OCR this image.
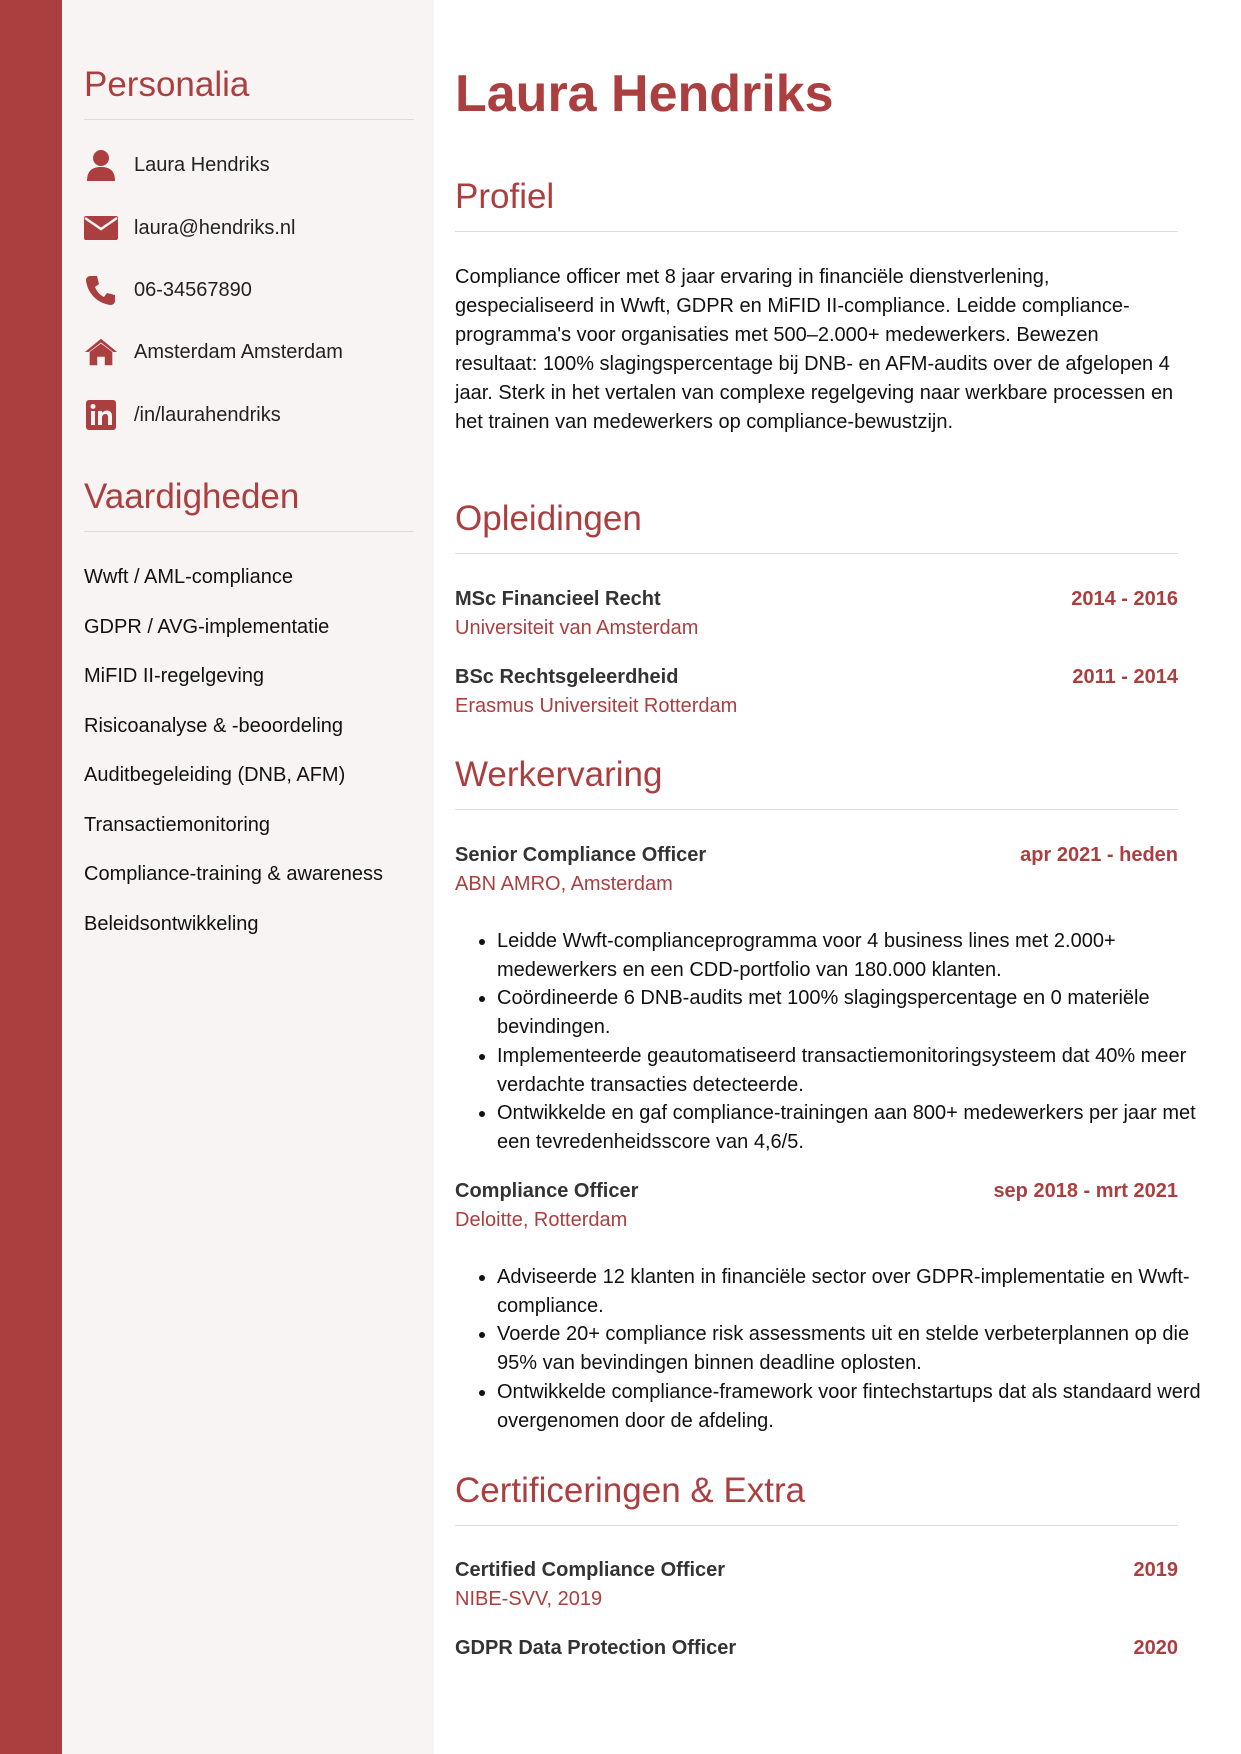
Personalia
Laura Hendriks
laura@hendriks.nl
06-34567890
Amsterdam Amsterdam
/in/laurahendriks
Vaardigheden
Wwft / AML-compliance
GDPR / AVG-implementatie
MiFID II-regelgeving
Risicoanalyse & -beoordeling
Auditbegeleiding (DNB, AFM)
Transactiemonitoring
Compliance-training & awareness
Beleidsontwikkeling
Laura Hendriks
Profiel

Compliance officer met 8 jaar ervaring in financiële dienstverlening, gespecialiseerd in Wwft, GDPR en MiFID II-compliance. Leidde compliance-programma's voor organisaties met 500–2.000+ medewerkers. Bewezen resultaat: 100% slagingspercentage bij DNB- en AFM-audits over de afgelopen 4 jaar. Sterk in het vertalen van complexe regelgeving naar werkbare processen en het trainen van medewerkers op compliance-bewustzijn.

Opleidingen
MSc Financieel Recht	2014 - 2016
Universiteit van Amsterdam
BSc Rechtsgeleerdheid	2011 - 2014
Erasmus Universiteit Rotterdam
Werkervaring
Senior Compliance Officer	apr 2021 - heden
ABN AMRO, Amsterdam
• Leidde Wwft-complianceprogramma voor 4 business lines met 2.000+ medewerkers en een CDD-portfolio van 180.000 klanten.
• Coördineerde 6 DNB-audits met 100% slagingspercentage en 0 materiële bevindingen.
• Implementeerde geautomatiseerd transactiemonitoringsysteem dat 40% meer verdachte transacties detecteerde.
• Ontwikkelde en gaf compliance-trainingen aan 800+ medewerkers per jaar met een tevredenheidsscore van 4,6/5.
Compliance Officer	sep 2018 - mrt 2021
Deloitte, Rotterdam
• Adviseerde 12 klanten in financiële sector over GDPR-implementatie en Wwft-compliance.
• Voerde 20+ compliance risk assessments uit en stelde verbeterplannen op die 95% van bevindingen binnen deadline oplosten.
• Ontwikkelde compliance-framework voor fintechstartups dat als standaard werd overgenomen door de afdeling.
Certificeringen & Extra
Certified Compliance Officer	2019
NIBE-SVV, 2019
GDPR Data Protection Officer	2020
